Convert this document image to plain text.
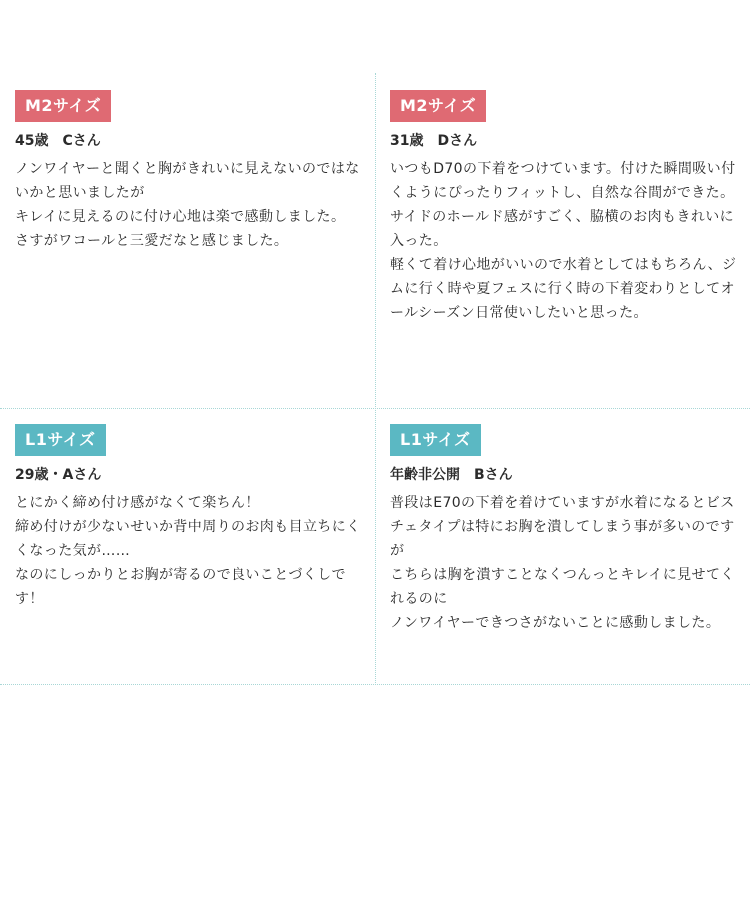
M2サイズ
45歳　Cさん

ノンワイヤーと聞くと胸がきれいに見えないのではないかと思いましたが

キレイに見えるのに付け心地は楽で感動しました。

さすがワコールと三愛だなと感じました。

M2サイズ
31歳　Dさん

いつもD70の下着をつけています。付けた瞬間吸い付くようにぴったりフィットし、自然な谷間ができた。

サイドのホールド感がすごく、脇横のお肉もきれいに入った。

軽くて着け心地がいいので水着としてはもちろん、ジムに行く時や夏フェスに行く時の下着変わりとしてオールシーズン日常使いしたいと思った。

L1サイズ
29歳・Aさん

とにかく締め付け感がなくて楽ちん！

締め付けが少ないせいか背中周りのお肉も目立ちにくくなった気が……

なのにしっかりとお胸が寄るので良いことづくしです！

L1サイズ
年齢非公開　Bさん

普段はE70の下着を着けていますが水着になるとビスチェタイプは特にお胸を潰してしまう事が多いのですが

こちらは胸を潰すことなくつんっとキレイに見せてくれるのに

ノンワイヤーできつさがないことに感動しました。
